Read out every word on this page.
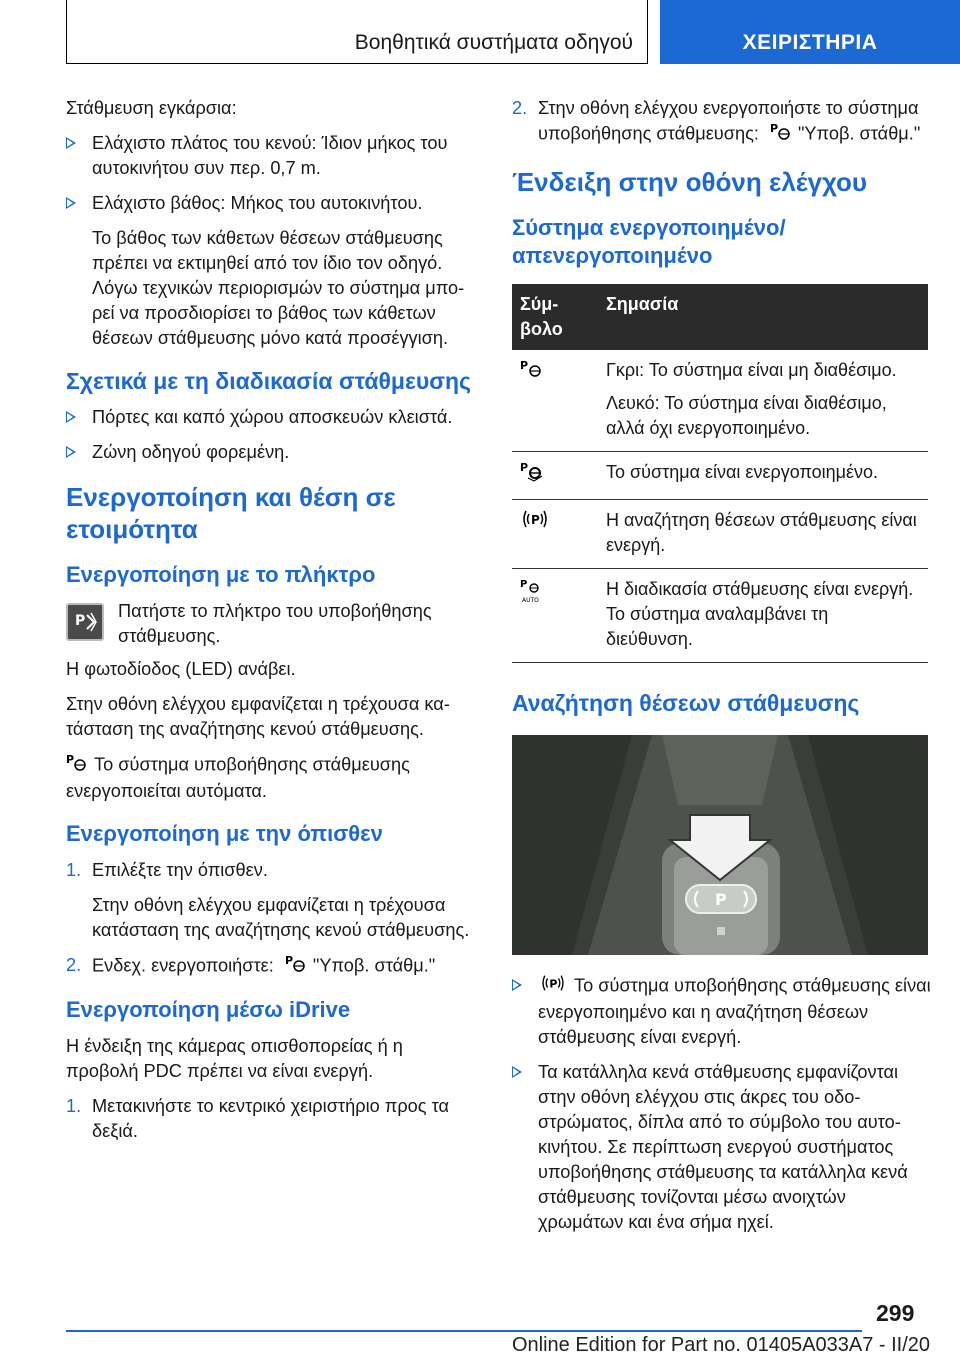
Βοηθητικά συστήματα οδηγού	ΧΕΙΡΙΣΤΗΡΙΑ

Στάθμευση εγκάρσια:

Ελάχιστο πλάτος του κενού: Ίδιον μήκος του αυτοκινήτου συν περ. 0,7 m.
Ελάχιστο βάθος: Μήκος του αυτοκινήτου.

Το βάθος των κάθετων θέσεων στάθμευσης πρέπει να εκτιμηθεί από τον ίδιο τον οδηγό. Λόγω τεχνικών περιορισμών το σύστημα μπορεί να προσδιορίσει το βάθος των κάθετων θέσεων στάθμευσης μόνο κατά προσέγγιση.

Σχετικά με τη διαδικασία στάθμευσης
Πόρτες και καπό χώρου αποσκευών κλειστά.
Ζώνη οδηγού φορεμένη.
Ενεργοποίηση και θέση σε ετοιμότητα
Ενεργοποίηση με το πλήκτρο
P Πατήστε το πλήκτρο του υποβοήθησης στάθμευσης.

Η φωτοδίοδος (LED) ανάβει.

Στην οθόνη ελέγχου εμφανίζεται η τρέχουσα κατάσταση της αναζήτησης κενού στάθμευσης.

P Το σύστημα υποβοήθησης στάθμευσης ενεργοποιείται αυτόματα.

Ενεργοποίηση με την όπισθεν
1. Επιλέξτε την όπισθεν.

Στην οθόνη ελέγχου εμφανίζεται η τρέχουσα κατάσταση της αναζήτησης κενού στάθμευσης.

2. Ενδεχ. ενεργοποιήστε: P "Υποβ. στάθμ."
Ενεργοποίηση μέσω iDrive

Η ένδειξη της κάμερας οπισθοπορείας ή η προβολή PDC πρέπει να είναι ενεργή.

1. Μετακινήστε το κεντρικό χειριστήριο προς τα δεξιά.
2. Στην οθόνη ελέγχου ενεργοποιήστε το σύστημα υποβοήθησης στάθμευσης: P "Υποβ. στάθμ."
Ένδειξη στην οθόνη ελέγχου
Σύστημα ενεργοποιημένο/ απενεργοποιημένο
Σύμβολο	Σημασία

P	Γκρι: Το σύστημα είναι μη διαθέσιμο.

Λευκό: Το σύστημα είναι διαθέσιμο, αλλά όχι ενεργοποιημένο.

P	Το σύστημα είναι ενεργοποιημένο.

P	Η αναζήτηση θέσεων στάθμευσης είναι ενεργή.

P
AUTO	Η διαδικασία στάθμευσης είναι ενεργή. Το σύστημα αναλαμβάνει τη διεύθυνση.

Αναζήτηση θέσεων στάθμευσης
P
P Το σύστημα υποβοήθησης στάθμευσης είναι ενεργοποιημένο και η αναζήτηση θέσεων στάθμευσης είναι ενεργή.
Τα κατάλληλα κενά στάθμευσης εμφανίζονται στην οθόνη ελέγχου στις άκρες του οδοστρώματος, δίπλα από το σύμβολο του αυτοκινήτου. Σε περίπτωση ενεργού συστήματος υποβοήθησης στάθμευσης τα κατάλληλα κενά στάθμευσης τονίζονται μέσω ανοιχτών χρωμάτων και ένα σήμα ηχεί.
299
Online Edition for Part no. 01405A033A7 - II/20
